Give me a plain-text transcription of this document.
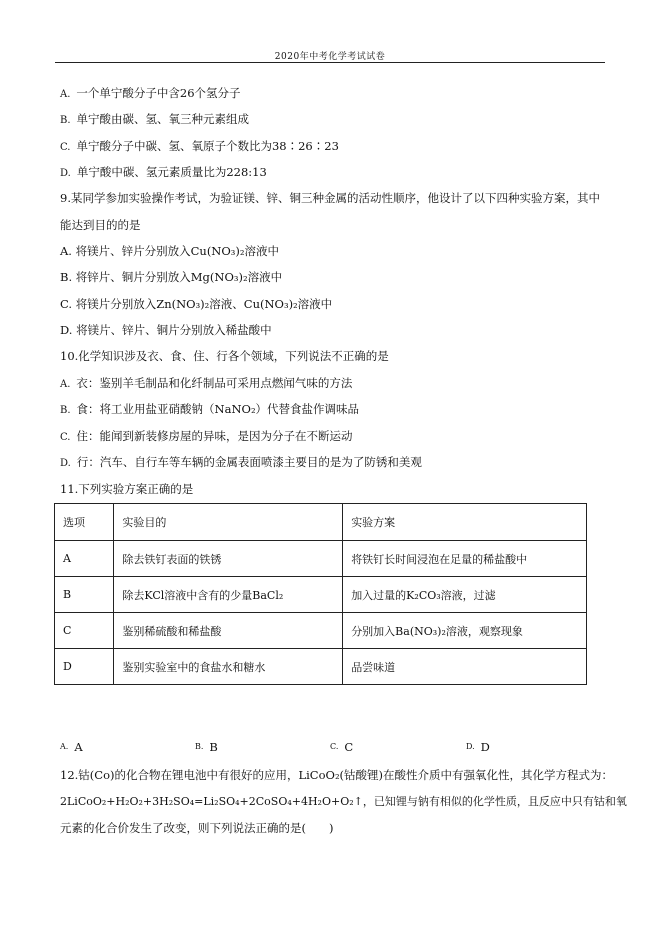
2020年中考化学考试试卷
A. 一个单宁酸分子中含26个氢分子
B. 单宁酸由碳、氢、氧三种元素组成
C. 单宁酸分子中碳、氢、氧原子个数比为38∶26∶23
D. 单宁酸中碳、氢元素质量比为228:13
9.某同学参加实验操作考试，为验证镁、锌、铜三种金属的活动性顺序，他设计了以下四种实验方案，其中
能达到目的的是
A. 将镁片、锌片分别放入Cu(NO₃)₂溶液中
B. 将锌片、铜片分别放入Mg(NO₃)₂溶液中
C. 将镁片分别放入Zn(NO₃)₂溶液、Cu(NO₃)₂溶液中
D. 将镁片、锌片、铜片分别放入稀盐酸中
10.化学知识涉及衣、食、住、行各个领域，下列说法不正确的是
A. 衣：鉴别羊毛制品和化纤制品可采用点燃闻气味的方法
B. 食：将工业用盐亚硝酸钠（NaNO₂）代替食盐作调味品
C. 住：能闻到新装修房屋的异味，是因为分子在不断运动
D. 行：汽车、自行车等车辆的金属表面喷漆主要目的是为了防锈和美观
11.下列实验方案正确的是
选项	实验目的	实验方案
A	除去铁钉表面的铁锈	将铁钉长时间浸泡在足量的稀盐酸中
B	除去KCl溶液中含有的少量BaCl₂	加入过量的K₂CO₃溶液，过滤
C	鉴别稀硫酸和稀盐酸	分别加入Ba(NO₃)₂溶液，观察现象
D	鉴别实验室中的食盐水和糖水	品尝味道
A. A	B. B	C. C	D. D
12.钴(Co)的化合物在锂电池中有很好的应用，LiCoO₂(钴酸锂)在酸性介质中有强氧化性，其化学方程式为：
2LiCoO₂+H₂O₂+3H₂SO₄=Li₂SO₄+2CoSO₄+4H₂O+O₂↑，已知锂与钠有相似的化学性质，且反应中只有钴和氧
元素的化合价发生了改变，则下列说法正确的是(　　)
